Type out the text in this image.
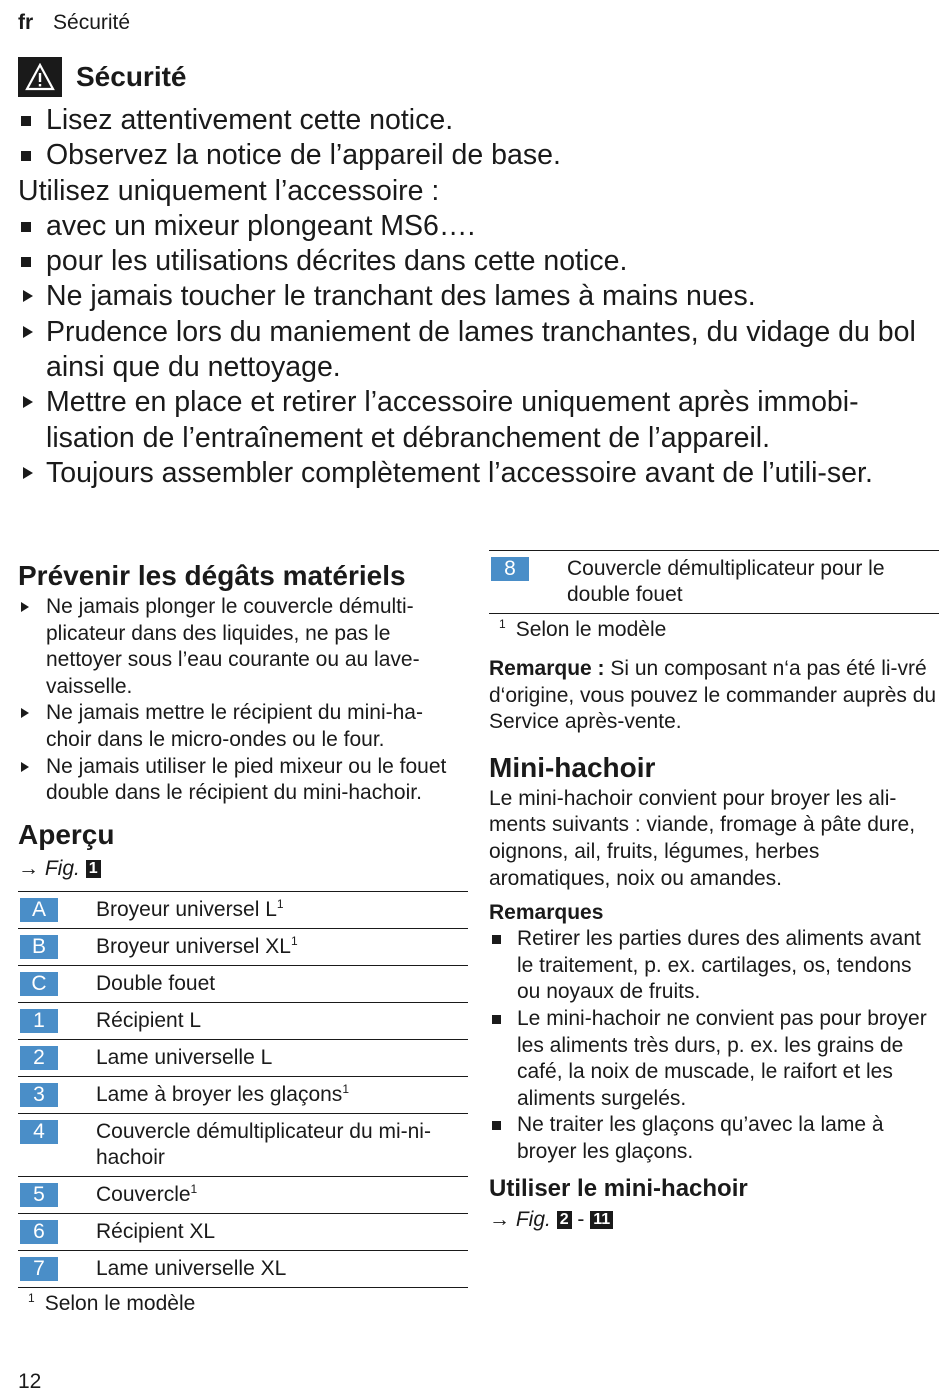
fr Sécurité
Sécurité
Lisez attentivement cette notice.
Observez la notice de l’appareil de base.
Utilisez uniquement l’accessoire :
avec un mixeur plongeant MS6….
pour les utilisations décrites dans cette notice.
Ne jamais toucher le tranchant des lames à mains nues.
Prudence lors du maniement de lames tranchantes, du vidage du bol ainsi que du nettoyage.
Mettre en place et retirer l’accessoire uniquement après immobi-lisation de l’entraînement et débranchement de l’appareil.
Toujours assembler complètement l’accessoire avant de l’utili-ser.
Prévenir les dégâts matériels
Ne jamais plonger le couvercle démulti-plicateur dans des liquides, ne pas le nettoyer sous l’eau courante ou au lave-vaisselle.
Ne jamais mettre le récipient du mini-ha-choir dans le micro-ondes ou le four.
Ne jamais utiliser le pied mixeur ou le fouet double dans le récipient du mini-hachoir.
Aperçu
→ Fig. 1
A	Broyeur universel $L^1$
B	Broyeur universel $XL^1$
C	Double fouet
1	Récipient L
2	Lame universelle L
3	Lame à broyer les glaçons$^1$
4	Couvercle démultiplicateur du mi-ni-hachoir
5	Couvercle$^1$
6	Récipient XL
7	Lame universelle XL
$^1$ Selon le modèle
8	Couvercle démultiplicateur pour le double fouet
$^1$ Selon le modèle

Remarque : Si un composant n‘a pas été li-vré d‘origine, vous pouvez le commander auprès du Service après-vente.

Mini-hachoir

Le mini-hachoir convient pour broyer les ali-ments suivants : viande, fromage à pâte dure, oignons, ail, fruits, légumes, herbes aromatiques, noix ou amandes.

Remarques
Retirer les parties dures des aliments avant le traitement, p. ex. cartilages, os, tendons ou noyaux de fruits.
Le mini-hachoir ne convient pas pour broyer les aliments très durs, p. ex. les grains de café, la noix de muscade, le raifort et les aliments surgelés.
Ne traiter les glaçons qu’avec la lame à broyer les glaçons.
Utiliser le mini-hachoir
→ Fig. 2 - 11
12
